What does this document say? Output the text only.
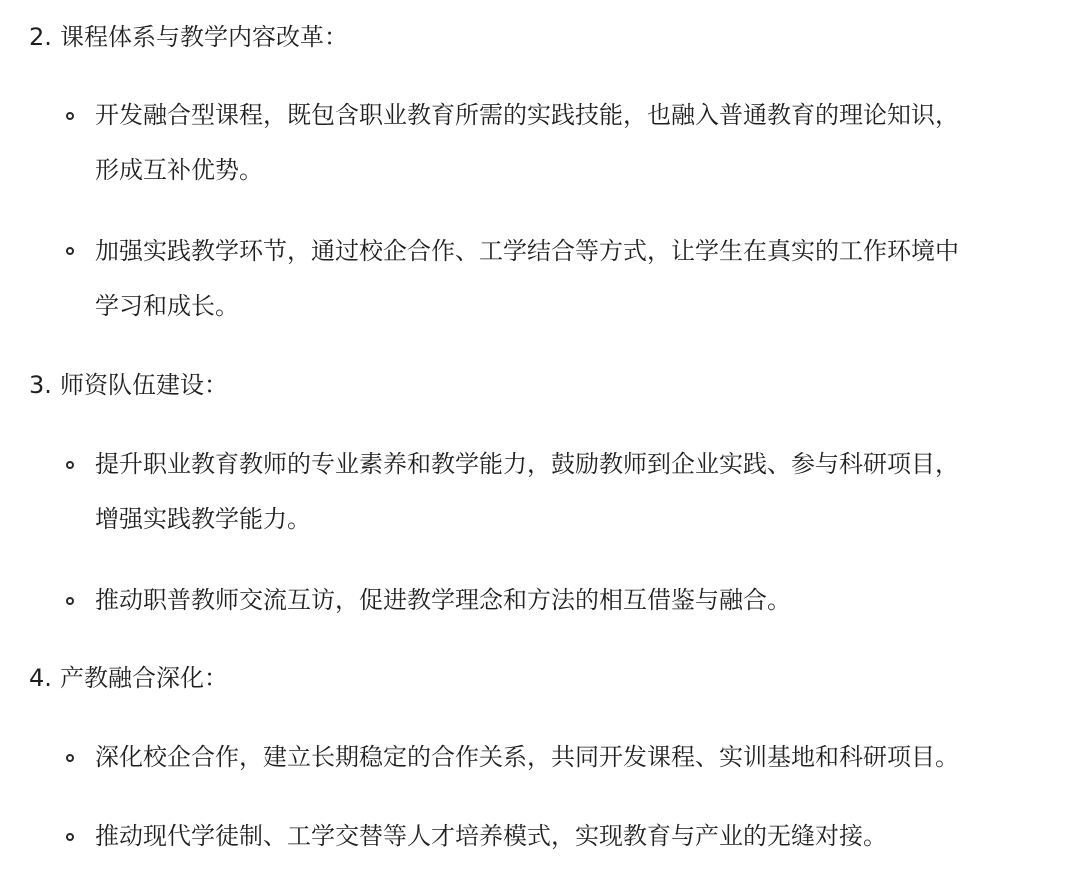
2. 课程体系与教学内容改革：
开发融合型课程，既包含职业教育所需的实践技能，也融入普通教育的理论知识，
形成互补优势。
加强实践教学环节，通过校企合作、工学结合等方式，让学生在真实的工作环境中
学习和成长。
3. 师资队伍建设：
提升职业教育教师的专业素养和教学能力，鼓励教师到企业实践、参与科研项目，
增强实践教学能力。
推动职普教师交流互访，促进教学理念和方法的相互借鉴与融合。
4. 产教融合深化：
深化校企合作，建立长期稳定的合作关系，共同开发课程、实训基地和科研项目。
推动现代学徒制、工学交替等人才培养模式，实现教育与产业的无缝对接。
